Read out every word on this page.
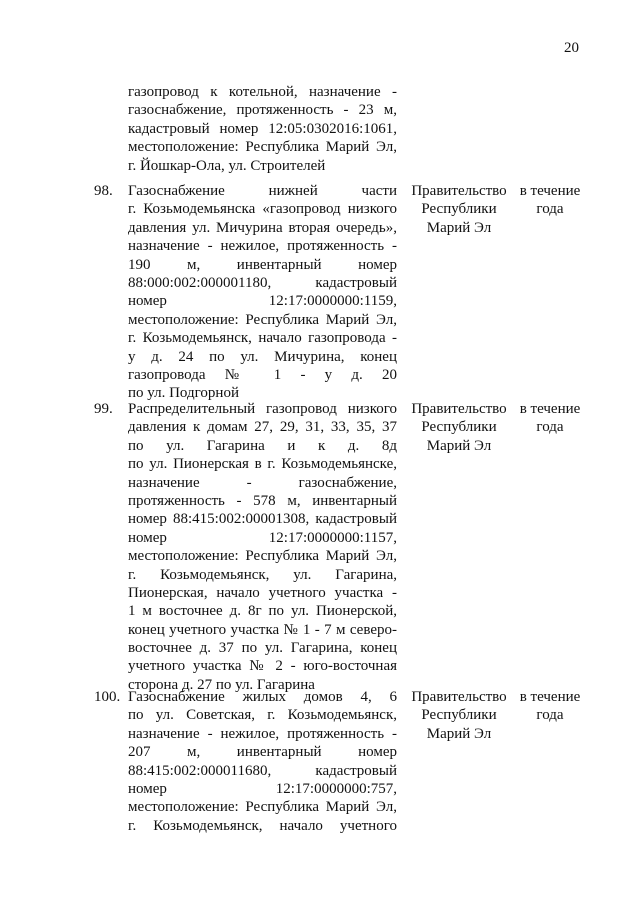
20
газопровод к котельной, назначение -
газоснабжение, протяженность - 23 м,
кадастровый номер 12:05:0302016:1061,
местоположение: Республика Марий Эл,
г. Йошкар-Ола, ул. Строителей
98.	Газоснабжение нижней части
г. Козьмодемьянска «газопровод низкого
давления ул. Мичурина вторая очередь»,
назначение - нежилое, протяженность -
190 м, инвентарный номер
88:000:002:000001180, кадастровый
номер 12:17:0000000:1159,
местоположение: Республика Марий Эл,
г. Козьмодемьянск, начало газопровода -
у д. 24 по ул. Мичурина, конец
газопровода № 1 - у д. 20
по ул. Подгорной
Правительство
Республики
Марий Эл
в течение
года
99.	Распределительный газопровод низкого
давления к домам 27, 29, 31, 33, 35, 37
по ул. Гагарина и к д. 8д
по ул. Пионерская в г. Козьмодемьянске,
назначение - газоснабжение,
протяженность - 578 м, инвентарный
номер 88:415:002:00001308, кадастровый
номер 12:17:0000000:1157,
местоположение: Республика Марий Эл,
г. Козьмодемьянск, ул. Гагарина,
Пионерская, начало учетного участка -
1 м восточнее д. 8г по ул. Пионерской,
конец учетного участка № 1 - 7 м северо-
восточнее д. 37 по ул. Гагарина, конец
учетного участка № 2 - юго-восточная
сторона д. 27 по ул. Гагарина
Правительство
Республики
Марий Эл
в течение
года
100. Газоснабжение жилых домов 4, 6
по ул. Советская, г. Козьмодемьянск,
назначение - нежилое, протяженность -
207 м, инвентарный номер
88:415:002:000011680, кадастровый
номер 12:17:0000000:757,
местоположение: Республика Марий Эл,
г. Козьмодемьянск, начало учетного
Правительство
Республики
Марий Эл
в течение
года
